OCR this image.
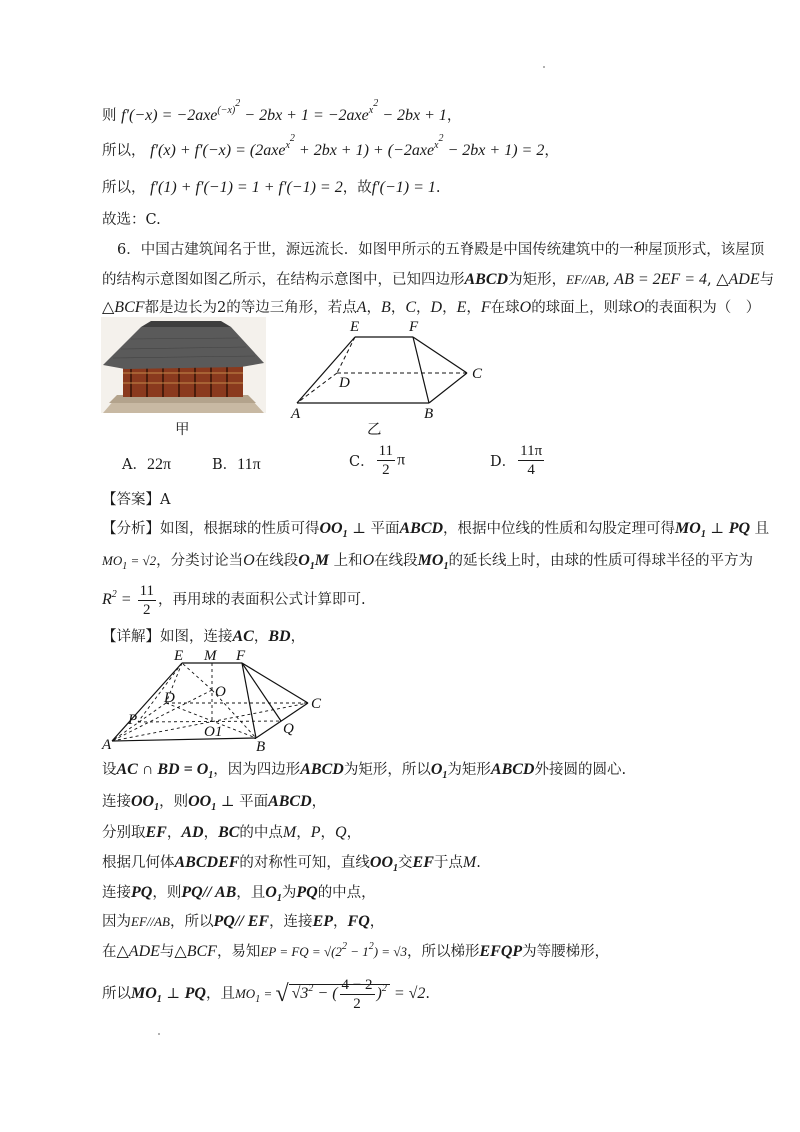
则 f′(−x) = −2axe$^{(-x)^2}$ − 2bx + 1 = −2axe$^{x^2}$ − 2bx + 1，
所以， f′(x) + f′(−x) = (2axe$^{x^2}$ + 2bx + 1) + (−2axe$^{x^2}$ − 2bx + 1) = 2，
所以， f′(1) + f′(−1) = 1 + f′(−1) = 2，故f′(−1) = 1.
故选：C.
6．中国古建筑闻名于世，源远流长．如图甲所示的五脊殿是中国传统建筑中的一种屋顶形式，该屋顶
的结构示意图如图乙所示，在结构示意图中，已知四边形ABCD为矩形，EF//AB, AB = 2EF = 4, △ADE与
△BCF都是边长为2的等边三角形，若点A，B，C，D，E，F在球O的球面上，则球O的表面积为（　）
甲
E	F
D
C
A	B
乙
A．22π	B．11π	C． $\frac{11}{2}$ π	D． $\frac{11\pi}{4}$
【答案】A
【分析】如图，根据球的性质可得$OO_1$ ⊥ 平面ABCD，根据中位线的性质和勾股定理可得$MO_1$ ⊥ PQ 且
$MO_1 = √2$，分类讨论当O在线段$O_1M$ 上和O在线段$MO_1$的延长线上时，由球的性质可得球半径的平方为
$R^2 = \frac{11}{2}$ ，再用球的表面积公式计算即可.
【详解】如图，连接AC，BD，
E M F
O
D	C
P
O1	Q
A	B
设AC ∩ BD = $O_1$，因为四边形ABCD为矩形，所以$O_1$为矩形ABCD外接圆的圆心.
连接$OO_1$，则$OO_1$ ⊥ 平面ABCD，
分别取EF，AD，BC的中点M，P，Q，
根据几何体ABCDEF的对称性可知，直线$OO_1$交EF于点M.
连接PQ，则PQ// AB，且$O_1$为PQ的中点，
因为EF//AB，所以PQ// EF，连接EP，FQ，
在△ADE与△BCF，易知EP = FQ = $√(2^2 - 1^2) = √3$，所以梯形EFQP为等腰梯形，
所以$MO_1$ ⊥ PQ，且$MO_1$ = √ $√3^2$ − ( $\frac{4 - 2}{2} )^2 = √2$.
